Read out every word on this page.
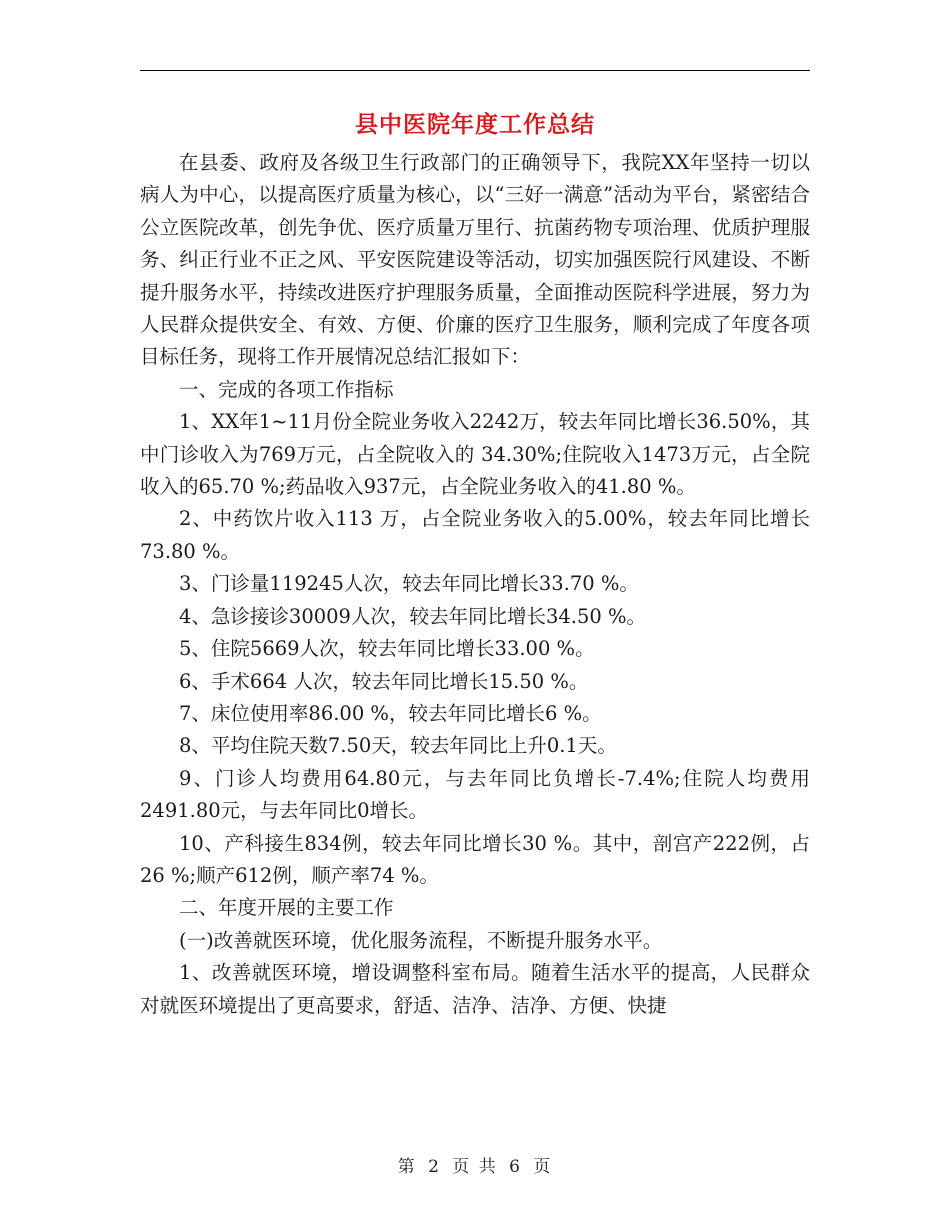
县中医院年度工作总结

在县委、政府及各级卫生行政部门的正确领导下，我院XX年坚持一切以病人为中心，以提高医疗质量为核心，以“三好一满意”活动为平台，紧密结合公立医院改革，创先争优、医疗质量万里行、抗菌药物专项治理、优质护理服务、纠正行业不正之风、平安医院建设等活动，切实加强医院行风建设、不断提升服务水平，持续改进医疗护理服务质量，全面推动医院科学进展，努力为人民群众提供安全、有效、方便、价廉的医疗卫生服务，顺利完成了年度各项目标任务，现将工作开展情况总结汇报如下：

一、完成的各项工作指标

1、XX年1~11月份全院业务收入2242万，较去年同比增长36.50%，其中门诊收入为769万元，占全院收入的 34.30%;住院收入1473万元，占全院收入的65.70 %;药品收入937元，占全院业务收入的41.80 %。

2、中药饮片收入113 万，占全院业务收入的5.00%，较去年同比增长73.80 %。

3、门诊量119245人次，较去年同比增长33.70 %。

4、急诊接诊30009人次，较去年同比增长34.50 %。

5、住院5669人次，较去年同比增长33.00 %。

6、手术664 人次，较去年同比增长15.50 %。

7、床位使用率86.00 %，较去年同比增长6 %。

8、平均住院天数7.50天，较去年同比上升0.1天。

9、门诊人均费用64.80元，与去年同比负增长-7.4%;住院人均费用2491.80元，与去年同比0增长。

10、产科接生834例，较去年同比增长30 %。其中，剖宫产222例，占26 %;顺产612例，顺产率74 %。

二、年度开展的主要工作

(一)改善就医环境，优化服务流程，不断提升服务水平。

1、改善就医环境，增设调整科室布局。随着生活水平的提高，人民群众对就医环境提出了更高要求，舒适、洁净、洁净、方便、快捷

第 2 页 共 6 页
